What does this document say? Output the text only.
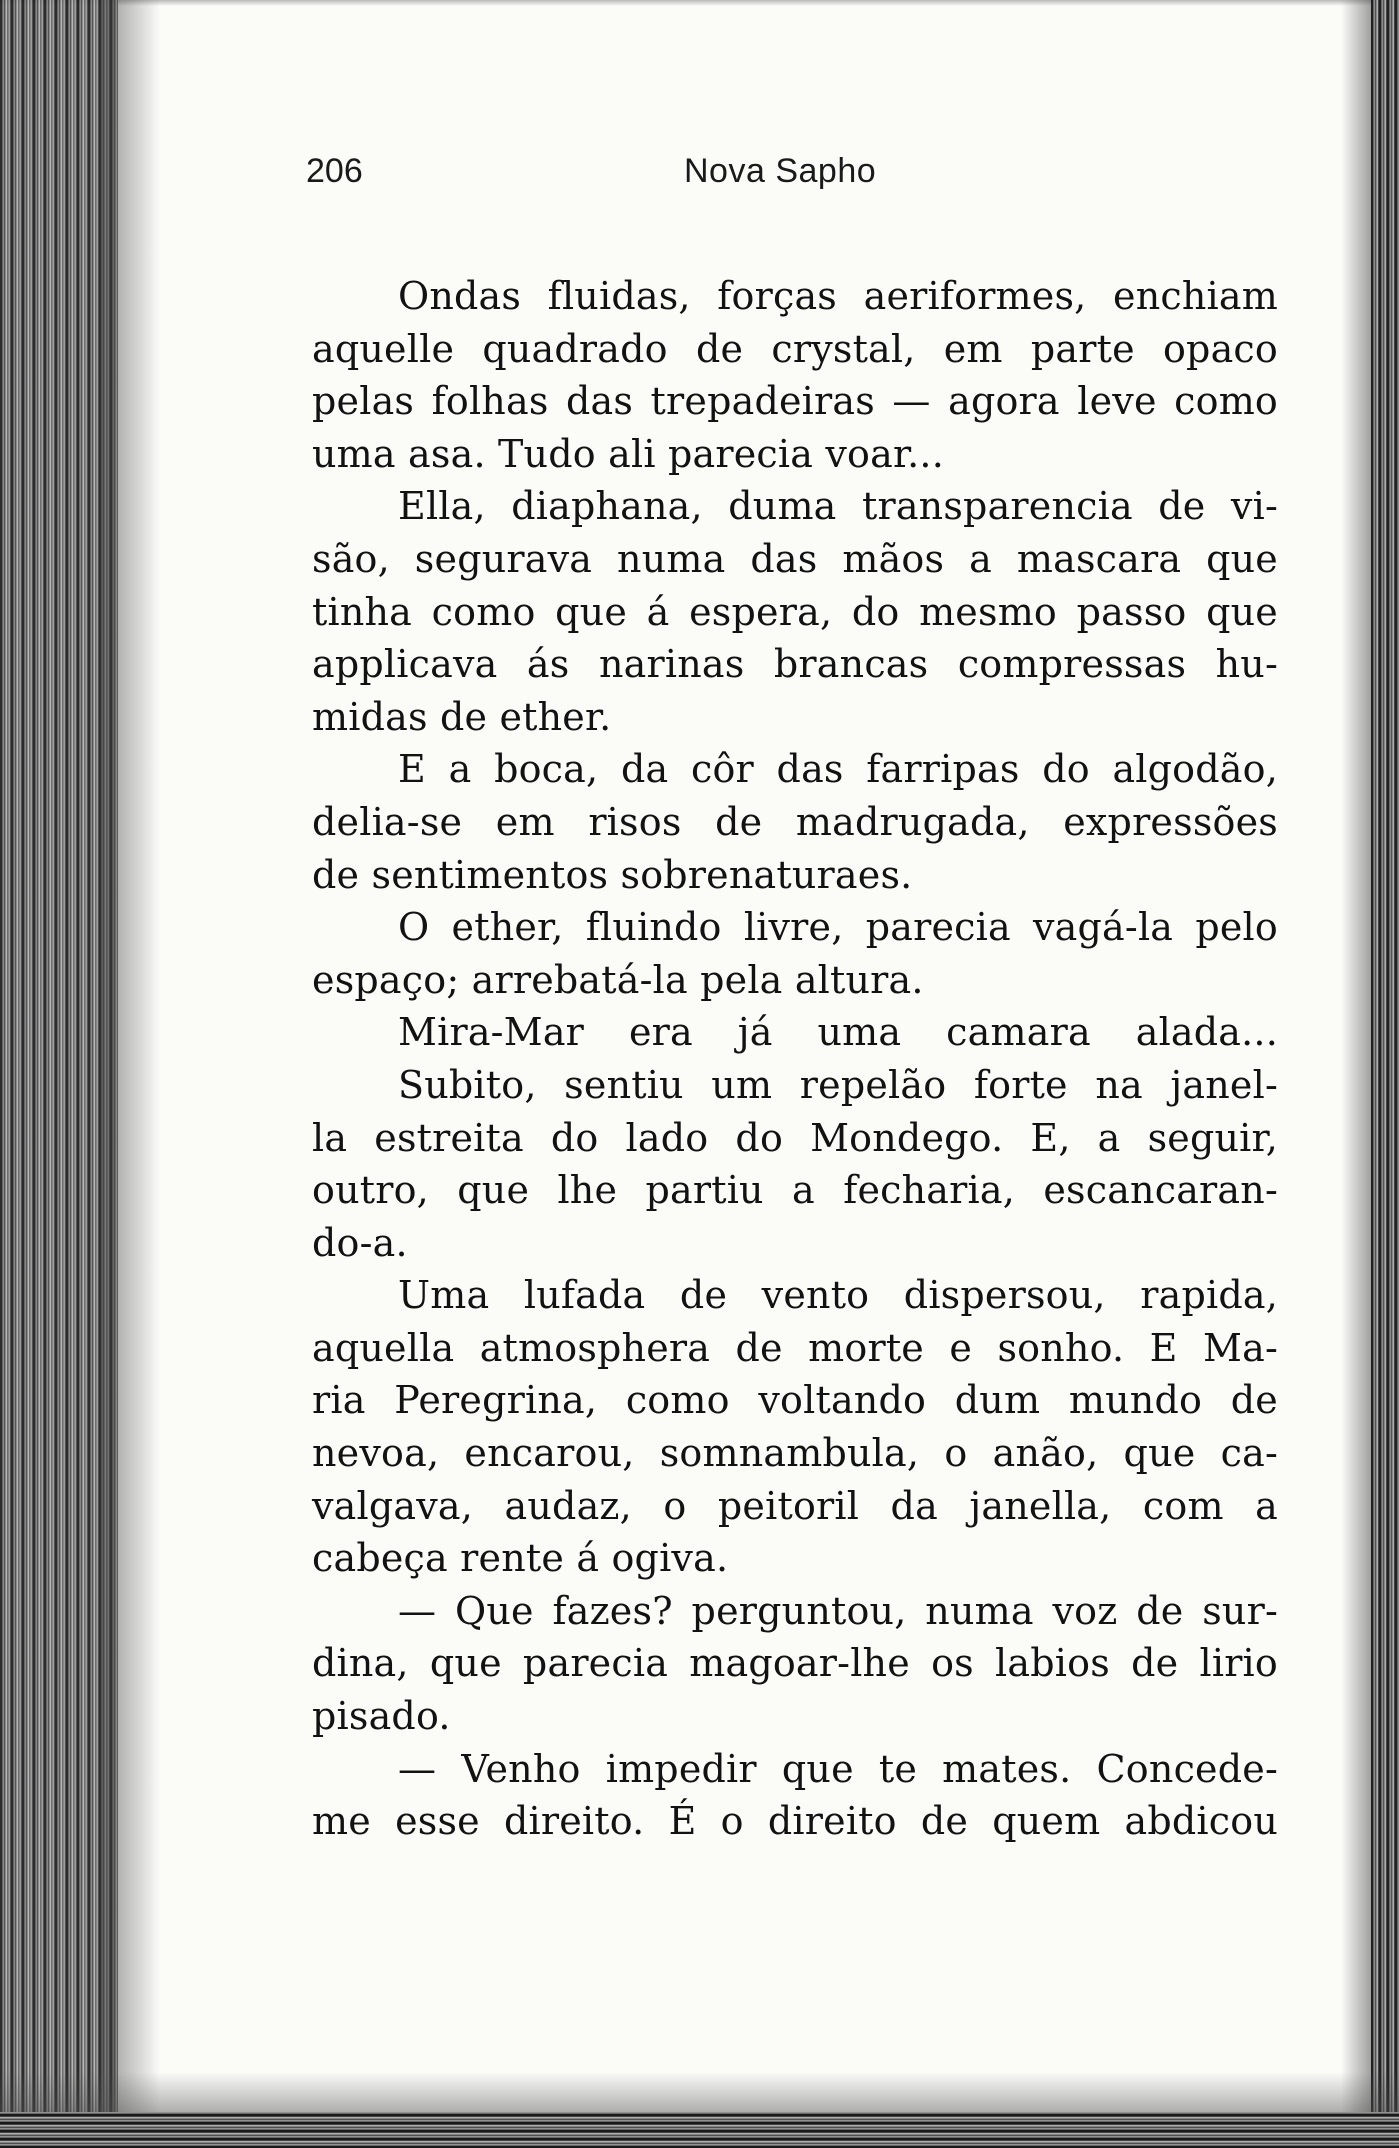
206	Nova Sapho
Ondas fluidas, forças aeriformes, enchiam
aquelle quadrado de crystal, em parte opaco
pelas folhas das trepadeiras — agora leve como
uma asa. Tudo ali parecia voar...
Ella, diaphana, duma transparencia de vi-
são, segurava numa das mãos a mascara que
tinha como que á espera, do mesmo passo que
applicava ás narinas brancas compressas hu-
midas de ether.
E a boca, da côr das farripas do algodão,
delia-se em risos de madrugada, expressões
de sentimentos sobrenaturaes.
O ether, fluindo livre, parecia vagá-la pelo
espaço; arrebatá-la pela altura.
Mira-Mar era já uma camara alada...
Subito, sentiu um repelão forte na janel-
la estreita do lado do Mondego. E, a seguir,
outro, que lhe partiu a fecharia, escancaran-
do-a.
Uma lufada de vento dispersou, rapida,
aquella atmosphera de morte e sonho. E Ma-
ria Peregrina, como voltando dum mundo de
nevoa, encarou, somnambula, o anão, que ca-
valgava, audaz, o peitoril da janella, com a
cabeça rente á ogiva.
— Que fazes? perguntou, numa voz de sur-
dina, que parecia magoar-lhe os labios de lirio
pisado.
— Venho impedir que te mates. Concede-
me esse direito. É o direito de quem abdicou
